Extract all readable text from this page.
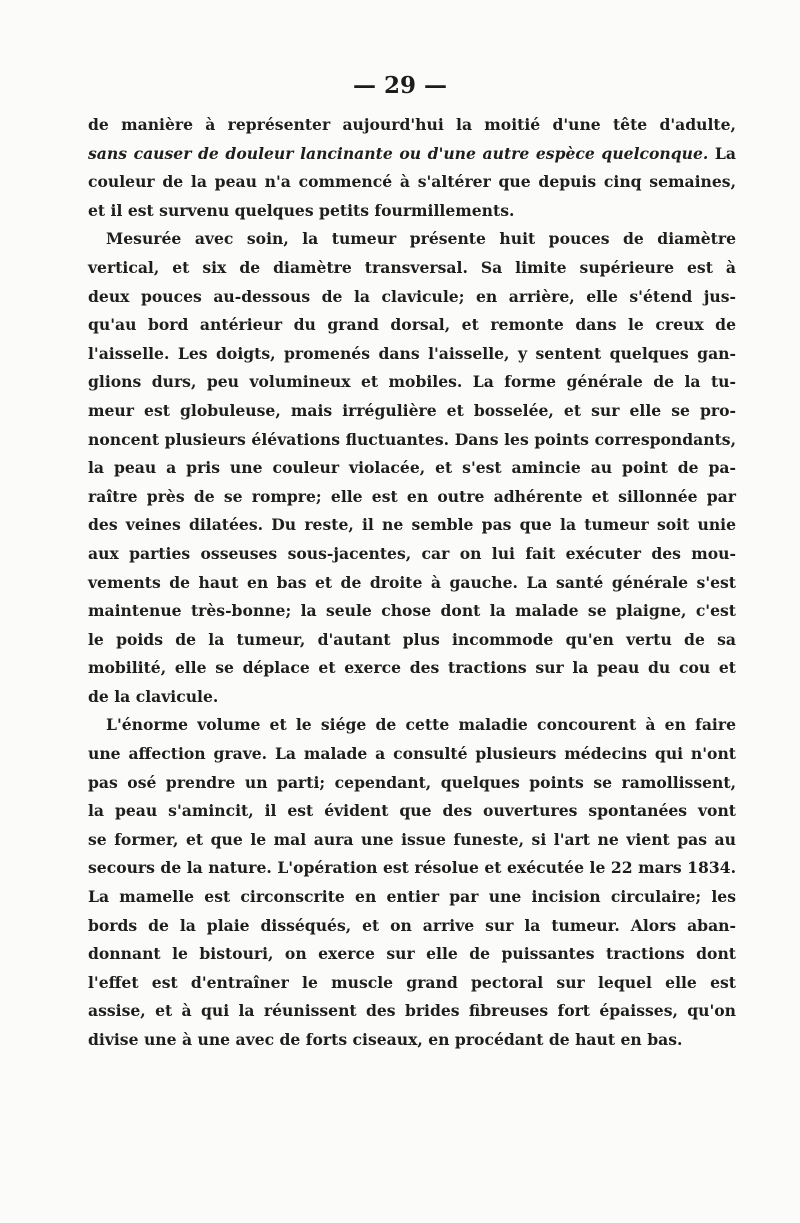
— 29 —
de manière à représenter aujourd'hui la moitié d'une tête d'adulte,
sans causer de douleur lancinante ou d'une autre espèce quelconque. La
couleur de la peau n'a commencé à s'altérer que depuis cinq semaines,
et il est survenu quelques petits fourmillements.
Mesurée avec soin, la tumeur présente huit pouces de diamètre
vertical, et six de diamètre transversal. Sa limite supérieure est à
deux pouces au-dessous de la clavicule; en arrière, elle s'étend jus-
qu'au bord antérieur du grand dorsal, et remonte dans le creux de
l'aisselle. Les doigts, promenés dans l'aisselle, y sentent quelques gan-
glions durs, peu volumineux et mobiles. La forme générale de la tu-
meur est globuleuse, mais irrégulière et bosselée, et sur elle se pro-
noncent plusieurs élévations fluctuantes. Dans les points correspondants,
la peau a pris une couleur violacée, et s'est amincie au point de pa-
raître près de se rompre; elle est en outre adhérente et sillonnée par
des veines dilatées. Du reste, il ne semble pas que la tumeur soit unie
aux parties osseuses sous-jacentes, car on lui fait exécuter des mou-
vements de haut en bas et de droite à gauche. La santé générale s'est
maintenue très-bonne; la seule chose dont la malade se plaigne, c'est
le poids de la tumeur, d'autant plus incommode qu'en vertu de sa
mobilité, elle se déplace et exerce des tractions sur la peau du cou et
de la clavicule.
L'énorme volume et le siége de cette maladie concourent à en faire
une affection grave. La malade a consulté plusieurs médecins qui n'ont
pas osé prendre un parti; cependant, quelques points se ramollissent,
la peau s'amincit, il est évident que des ouvertures spontanées vont
se former, et que le mal aura une issue funeste, si l'art ne vient pas au
secours de la nature. L'opération est résolue et exécutée le 22 mars 1834.
La mamelle est circonscrite en entier par une incision circulaire; les
bords de la plaie disséqués, et on arrive sur la tumeur. Alors aban-
donnant le bistouri, on exerce sur elle de puissantes tractions dont
l'effet est d'entraîner le muscle grand pectoral sur lequel elle est
assise, et à qui la réunissent des brides fibreuses fort épaisses, qu'on
divise une à une avec de forts ciseaux, en procédant de haut en bas.
